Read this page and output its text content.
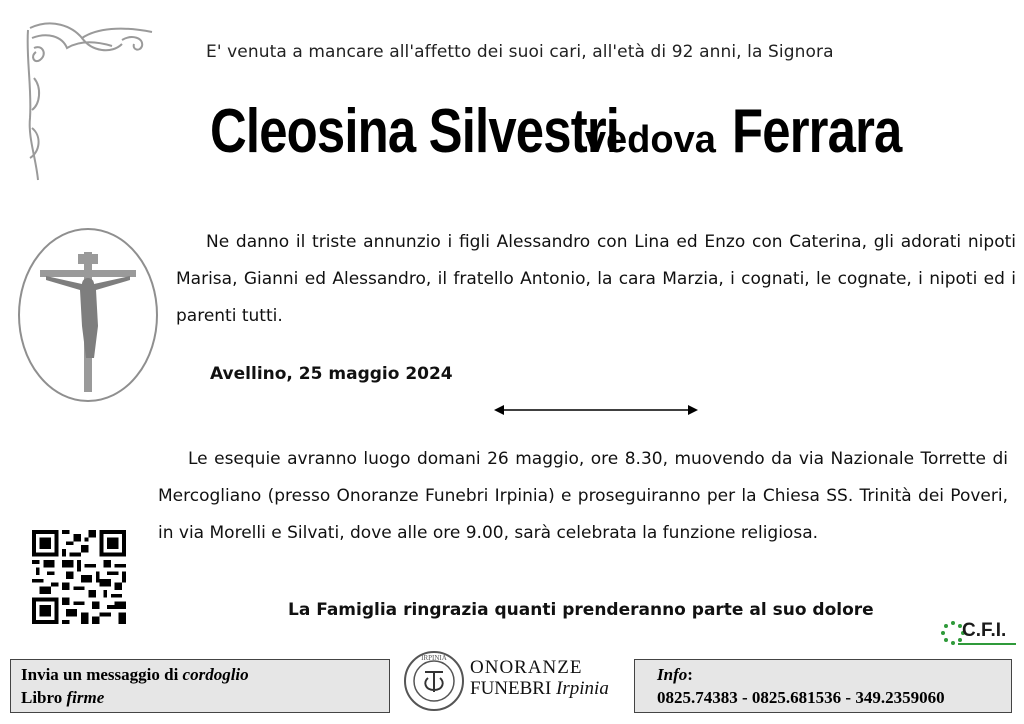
E' venuta a mancare all'affetto dei suoi cari, all'età di 92 anni, la Signora
Cleosina Silvestrivedova Ferrara

Ne danno il triste annunzio i figli Alessandro con Lina ed Enzo con Caterina, gli adorati nipoti Marisa, Gianni ed Alessandro, il fratello Antonio, la cara Marzia, i cognati, le cognate, i nipoti ed i parenti tutti.

Avellino, 25 maggio 2024

Le esequie avranno luogo domani 26 maggio, ore 8.30, muovendo da via Nazionale Torrette di Mercogliano (presso Onoranze Funebri Irpinia) e proseguiranno per la Chiesa SS. Trinità dei Poveri, in via Morelli e Silvati, dove alle ore 9.00, sarà celebrata la funzione religiosa.

La Famiglia ringrazia quanti prenderanno parte al suo dolore
C.F.I.
Invia un messaggio di cordoglio
Libro firme
IRPINIA ONORANZE
FUNEBRI Irpinia
Info:
0825.74383 - 0825.681536 - 349.2359060
